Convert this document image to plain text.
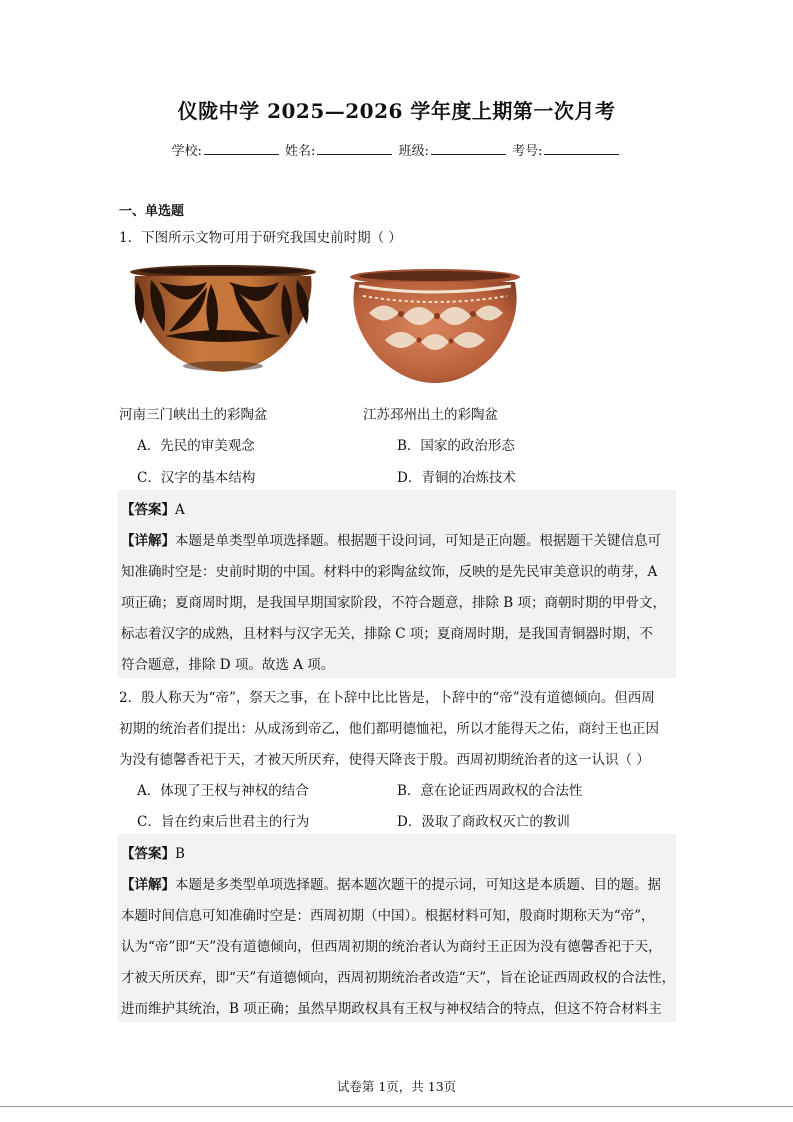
仪陇中学 2025—2026 学年度上期第一次月考
学校:	姓名:	班级:	考号:
一、单选题
1．下图所示文物可用于研究我国史前时期（ ）
河南三门峡出土的彩陶盆	江苏邳州出土的彩陶盆
A．先民的审美观念	B．国家的政治形态
C．汉字的基本结构	D．青铜的冶炼技术
【答案】A
【详解】本题是单类型单项选择题。根据题干设问词，可知是正向题。根据题干关键信息可
知准确时空是：史前时期的中国。材料中的彩陶盆纹饰，反映的是先民审美意识的萌芽，A
项正确；夏商周时期，是我国早期国家阶段，不符合题意，排除 B 项；商朝时期的甲骨文，
标志着汉字的成熟，且材料与汉字无关，排除 C 项；夏商周时期，是我国青铜器时期，不
符合题意，排除 D 项。故选 A 项。
2．殷人称天为“帝”，祭天之事，在卜辞中比比皆是，卜辞中的“帝”没有道德倾向。但西周
初期的统治者们提出：从成汤到帝乙，他们都明德恤祀，所以才能得天之佑，商纣王也正因
为没有德馨香祀于天，才被天所厌弃，使得天降丧于殷。西周初期统治者的这一认识（ ）
A．体现了王权与神权的结合	B．意在论证西周政权的合法性
C．旨在约束后世君主的行为	D．汲取了商政权灭亡的教训
【答案】B
【详解】本题是多类型单项选择题。据本题次题干的提示词，可知这是本质题、目的题。据
本题时间信息可知准确时空是：西周初期（中国）。根据材料可知，殷商时期称天为“帝”，
认为“帝”即“天”没有道德倾向，但西周初期的统治者认为商纣王正因为没有德馨香祀于天，
才被天所厌弃，即“天”有道德倾向，西周初期统治者改造“天”，旨在论证西周政权的合法性，
进而维护其统治，B 项正确；虽然早期政权具有王权与神权结合的特点，但这不符合材料主
试卷第 1页，共 13页
